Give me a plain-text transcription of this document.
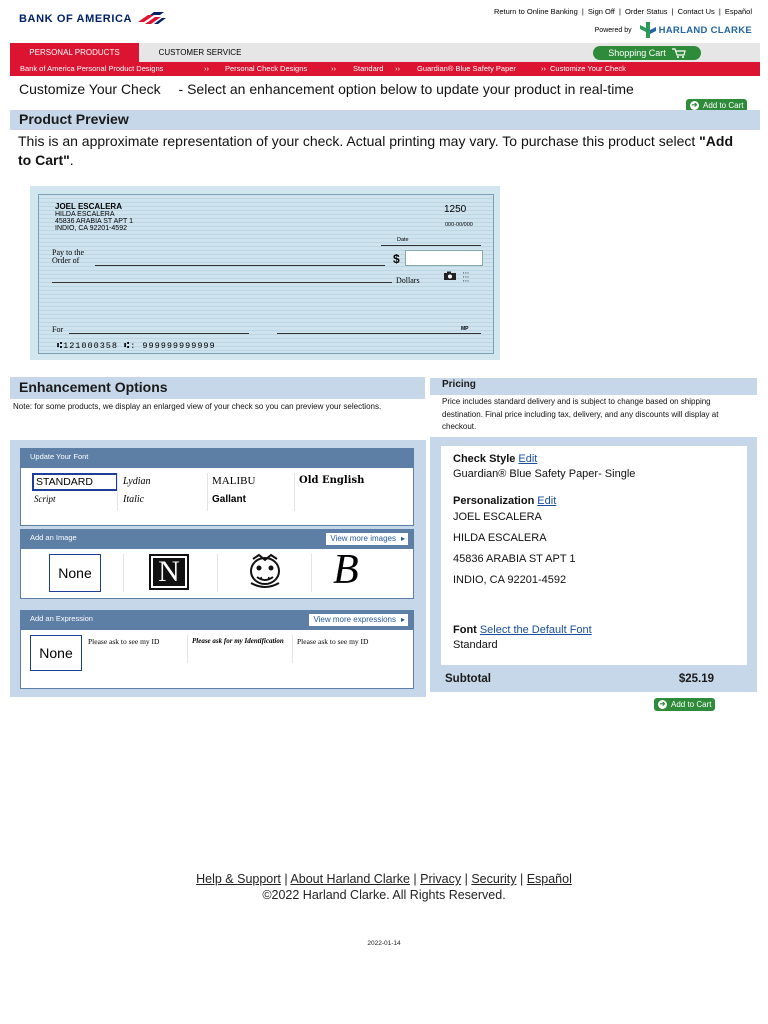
BANK OF AMERICA
Return to Online Banking | Sign Off | Order Status | Contact Us | Español
Powered by	HARLAND CLARKE
PERSONAL PRODUCTS	CUSTOMER SERVICE	Shopping Cart
Bank of America Personal Product Designs	›› Personal Check Designs	›› Standard ›› Guardian® Blue Safety Paper	›› Customize Your Check
Customize Your Check - Select an enhancement option below to update your product in real-time
➔ Add to Cart
Product Preview
This is an approximate representation of your check. Actual printing may vary. To purchase this product select "Add to Cart".
JOEL ESCALERA
HILDA ESCALERA
45836 ARABIA ST APT 1
INDIO, CA 92201-4592
1250
000-00/000
Date
Pay to the
Order of	$
Dollars
▪ ▪ ▪
▪ ▪ ▪
▪ ▪ ▪
For	MP
⑆121000358 ⑆: 999999999999
Enhancement Options
Note: for some products, we display an enlarged view of your check so you can preview your selections.
Update Your Font
STANDARD	Lydian	MALIBU	Old English
Script	Italic	Gallant
Add an Image	View more images ▸
None	N	B
Add an Expression	View more expressions ▸
None
Please ask to see my ID	Please ask for my Identification Please ask to see my ID
Pricing
Price includes standard delivery and is subject to change based on shipping destination. Final price including tax, delivery, and any discounts will display at checkout.
Check Style Edit
Guardian® Blue Safety Paper- Single
Personalization Edit
JOEL ESCALERA
HILDA ESCALERA
45836 ARABIA ST APT 1
INDIO, CA 92201-4592
Font Select the Default Font
Standard
Subtotal	$25.19
➔ Add to Cart
Help & Support | About Harland Clarke | Privacy | Security | Español
©2022 Harland Clarke. All Rights Reserved.
2022-01-14
